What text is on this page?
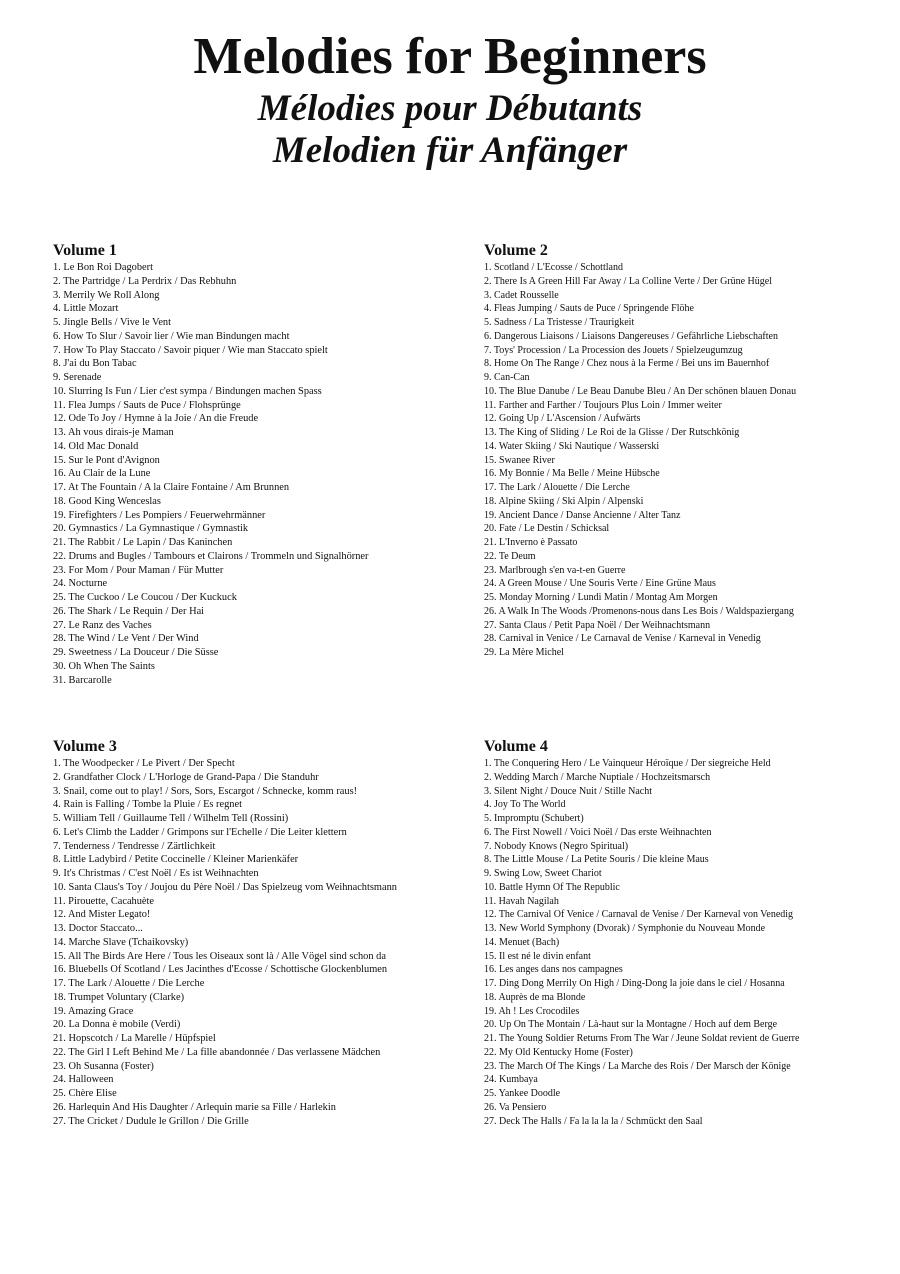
Melodies for Beginners
Mélodies pour Débutants
Melodien für Anfänger
Volume 1
1. Le Bon Roi Dagobert
2. The Partridge / La Perdrix / Das Rebhuhn
3. Merrily We Roll Along
4. Little Mozart
5. Jingle Bells / Vive le Vent
6. How To Slur / Savoir lier / Wie man Bindungen macht
7. How To Play Staccato / Savoir piquer / Wie man Staccato spielt
8. J'ai du Bon Tabac
9. Serenade
10. Slurring Is Fun / Lier c'est sympa / Bindungen machen Spass
11. Flea Jumps / Sauts de Puce / Flohsprünge
12. Ode To Joy / Hymne à la Joie / An die Freude
13. Ah vous dirais-je Maman
14. Old Mac Donald
15. Sur le Pont d'Avignon
16. Au Clair de la Lune
17. At The Fountain / A la Claire Fontaine / Am Brunnen
18. Good King Wenceslas
19. Firefighters / Les Pompiers / Feuerwehrmänner
20. Gymnastics / La Gymnastique / Gymnastik
21. The Rabbit / Le Lapin / Das Kaninchen
22. Drums and Bugles / Tambours et Clairons / Trommeln und Signalhörner
23. For Mom / Pour Maman / Für Mutter
24. Nocturne
25. The Cuckoo / Le Coucou / Der Kuckuck
26. The Shark / Le Requin / Der Hai
27. Le Ranz des Vaches
28. The Wind / Le Vent / Der Wind
29. Sweetness / La Douceur / Die Süsse
30. Oh When The Saints
31. Barcarolle
Volume 2
1. Scotland / L'Ecosse / Schottland
2. There Is A Green Hill Far Away / La Colline Verte / Der Grüne Hügel
3. Cadet Rousselle
4. Fleas Jumping / Sauts de Puce / Springende Flöhe
5. Sadness / La Tristesse / Traurigkeit
6. Dangerous Liaisons / Liaisons Dangereuses / Gefährliche Liebschaften
7. Toys' Procession / La Procession des Jouets / Spielzeugumzug
8. Home On The Range / Chez nous à la Ferme / Bei uns im Bauernhof
9. Can-Can
10. The Blue Danube / Le Beau Danube Bleu / An Der schönen blauen Donau
11. Farther and Farther / Toujours Plus Loin / Immer weiter
12. Going Up / L'Ascension / Aufwärts
13. The King of Sliding / Le Roi de la Glisse / Der Rutschkönig
14. Water Skiing / Ski Nautique / Wasserski
15. Swanee River
16. My Bonnie / Ma Belle / Meine Hübsche
17. The Lark / Alouette / Die Lerche
18. Alpine Skiing / Ski Alpin / Alpenski
19. Ancient Dance / Danse Ancienne / Alter Tanz
20. Fate / Le Destin / Schicksal
21. L'Inverno è Passato
22. Te Deum
23. Marlbrough s'en va-t-en Guerre
24. A Green Mouse / Une Souris Verte / Eine Grüne Maus
25. Monday Morning / Lundi Matin / Montag Am Morgen
26. A Walk In The Woods /Promenons-nous dans Les Bois / Waldspaziergang
27. Santa Claus / Petit Papa Noël / Der Weihnachtsmann
28. Carnival in Venice / Le Carnaval de Venise / Karneval in Venedig
29. La Mère Michel
Volume 3
1. The Woodpecker / Le Pivert / Der Specht
2. Grandfather Clock / L'Horloge de Grand-Papa / Die Standuhr
3. Snail, come out to play! / Sors, Sors, Escargot / Schnecke, komm raus!
4. Rain is Falling / Tombe la Pluie / Es regnet
5. William Tell / Guillaume Tell / Wilhelm Tell (Rossini)
6. Let's Climb the Ladder / Grimpons sur l'Echelle / Die Leiter klettern
7. Tenderness / Tendresse / Zärtlichkeit
8. Little Ladybird / Petite Coccinelle / Kleiner Marienkäfer
9. It's Christmas / C'est Noël / Es ist Weihnachten
10. Santa Claus's Toy / Joujou du Père Noël / Das Spielzeug vom Weihnachtsmann
11. Pirouette, Cacahuète
12. And Mister Legato!
13. Doctor Staccato...
14. Marche Slave (Tchaikovsky)
15. All The Birds Are Here / Tous les Oiseaux sont là / Alle Vögel sind schon da
16. Bluebells Of Scotland / Les Jacinthes d'Ecosse / Schottische Glockenblumen
17. The Lark / Alouette / Die Lerche
18. Trumpet Voluntary (Clarke)
19. Amazing Grace
20. La Donna è mobile (Verdi)
21. Hopscotch / La Marelle / Hüpfspiel
22. The Girl I Left Behind Me / La fille abandonnée / Das verlassene Mädchen
23. Oh Susanna (Foster)
24. Halloween
25. Chère Elise
26. Harlequin And His Daughter / Arlequin marie sa Fille / Harlekin
27. The Cricket / Dudule le Grillon / Die Grille
Volume 4
1. The Conquering Hero / Le Vainqueur Héroïque / Der siegreiche Held
2. Wedding March / Marche Nuptiale / Hochzeitsmarsch
3. Silent Night / Douce Nuit / Stille Nacht
4. Joy To The World
5. Impromptu (Schubert)
6. The First Nowell / Voici Noël / Das erste Weihnachten
7. Nobody Knows (Negro Spiritual)
8. The Little Mouse / La Petite Souris / Die kleine Maus
9. Swing Low, Sweet Chariot
10. Battle Hymn Of The Republic
11. Havah Nagilah
12. The Carnival Of Venice / Carnaval de Venise / Der Karneval von Venedig
13. New World Symphony (Dvorak) / Symphonie du Nouveau Monde
14. Menuet (Bach)
15. Il est né le divin enfant
16. Les anges dans nos campagnes
17. Ding Dong Merrily On High / Ding-Dong la joie dans le ciel / Hosanna
18. Auprès de ma Blonde
19. Ah ! Les Crocodiles
20. Up On The Montain / Là-haut sur la Montagne / Hoch auf dem Berge
21. The Young Soldier Returns From The War / Jeune Soldat revient de Guerre
22. My Old Kentucky Home (Foster)
23. The March Of The Kings / La Marche des Rois / Der Marsch der Könige
24. Kumbaya
25. Yankee Doodle
26. Va Pensiero
27. Deck The Halls / Fa la la la la / Schmückt den Saal
